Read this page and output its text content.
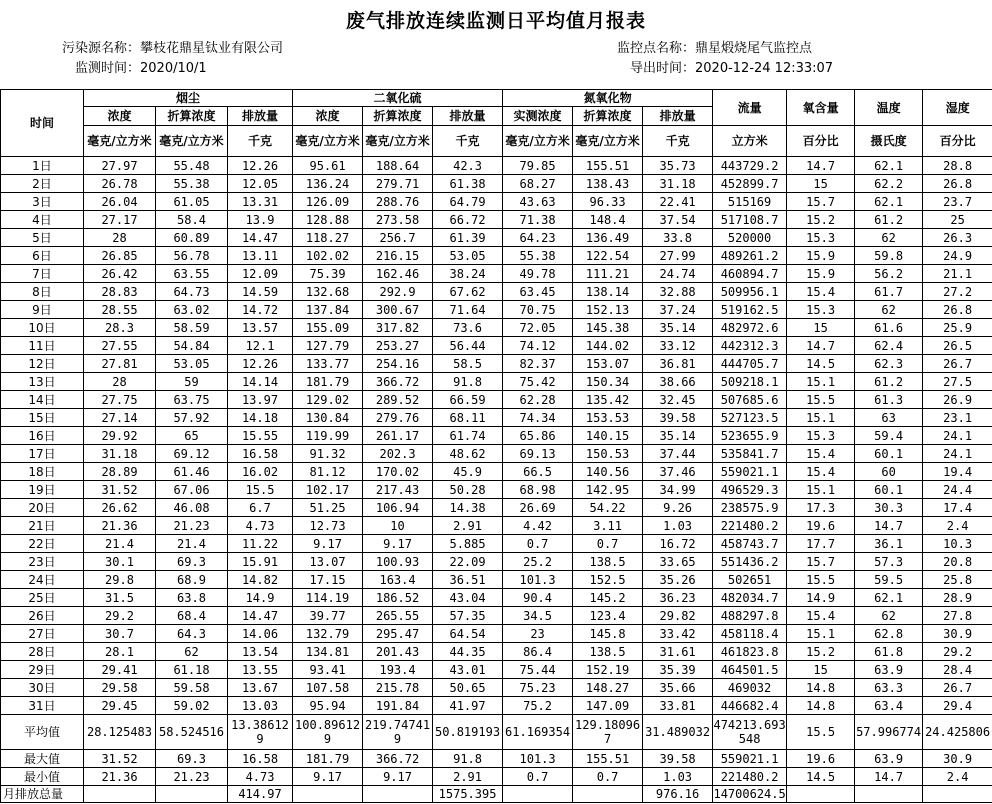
废气排放连续监测日平均值月报表
污染源名称：攀枝花鼎星钛业有限公司
监测时间：2020/10/1
监控点名称：鼎星煅烧尾气监控点
导出时间：2020-12-24 12:33:07
时间	烟尘			二氧化硫			氮氧化物			流量	氧含量	温度	湿度
	浓度	折算浓度	排放量	浓度	折算浓度	排放量	实测浓度	折算浓度	排放量				
	毫克/立方米	毫克/立方米	千克	毫克/立方米	毫克/立方米	千克	毫克/立方米	毫克/立方米	千克	立方米	百分比	摄氏度	百分比
1日	27.97	55.48	12.26	95.61	188.64	42.3	79.85	155.51	35.73	443729.2	14.7	62.1	28.8
2日	26.78	55.38	12.05	136.24	279.71	61.38	68.27	138.43	31.18	452899.7	15	62.2	26.8
3日	26.04	61.05	13.31	126.09	288.76	64.79	43.63	96.33	22.41	515169	15.7	62.1	23.7
4日	27.17	58.4	13.9	128.88	273.58	66.72	71.38	148.4	37.54	517108.7	15.2	61.2	25
5日	28	60.89	14.47	118.27	256.7	61.39	64.23	136.49	33.8	520000	15.3	62	26.3
6日	26.85	56.78	13.11	102.02	216.15	53.05	55.38	122.54	27.99	489261.2	15.9	59.8	24.9
7日	26.42	63.55	12.09	75.39	162.46	38.24	49.78	111.21	24.74	460894.7	15.9	56.2	21.1
8日	28.83	64.73	14.59	132.68	292.9	67.62	63.45	138.14	32.88	509956.1	15.4	61.7	27.2
9日	28.55	63.02	14.72	137.84	300.67	71.64	70.75	152.13	37.24	519162.5	15.3	62	26.8
10日	28.3	58.59	13.57	155.09	317.82	73.6	72.05	145.38	35.14	482972.6	15	61.6	25.9
11日	27.55	54.84	12.1	127.79	253.27	56.44	74.12	144.02	33.12	442312.3	14.7	62.4	26.5
12日	27.81	53.05	12.26	133.77	254.16	58.5	82.37	153.07	36.81	444705.7	14.5	62.3	26.7
13日	28	59	14.14	181.79	366.72	91.8	75.42	150.34	38.66	509218.1	15.1	61.2	27.5
14日	27.75	63.75	13.97	129.02	289.52	66.59	62.28	135.42	32.45	507685.6	15.5	61.3	26.9
15日	27.14	57.92	14.18	130.84	279.76	68.11	74.34	153.53	39.58	527123.5	15.1	63	23.1
16日	29.92	65	15.55	119.99	261.17	61.74	65.86	140.15	35.14	523655.9	15.3	59.4	24.1
17日	31.18	69.12	16.58	91.32	202.3	48.62	69.13	150.53	37.44	535841.7	15.4	60.1	24.1
18日	28.89	61.46	16.02	81.12	170.02	45.9	66.5	140.56	37.46	559021.1	15.4	60	19.4
19日	31.52	67.06	15.5	102.17	217.43	50.28	68.98	142.95	34.99	496529.3	15.1	60.1	24.4
20日	26.62	46.08	6.7	51.25	106.94	14.38	26.69	54.22	9.26	238575.9	17.3	30.3	17.4
21日	21.36	21.23	4.73	12.73	10	2.91	4.42	3.11	1.03	221480.2	19.6	14.7	2.4
22日	21.4	21.4	11.22	9.17	9.17	5.885	0.7	0.7	16.72	458743.7	17.7	36.1	10.3
23日	30.1	69.3	15.91	13.07	100.93	22.09	25.2	138.5	33.65	551436.2	15.7	57.3	20.8
24日	29.8	68.9	14.82	17.15	163.4	36.51	101.3	152.5	35.26	502651	15.5	59.5	25.8
25日	31.5	63.8	14.9	114.19	186.52	43.04	90.4	145.2	36.23	482034.7	14.9	62.1	28.9
26日	29.2	68.4	14.47	39.77	265.55	57.35	34.5	123.4	29.82	488297.8	15.4	62	27.8
27日	30.7	64.3	14.06	132.79	295.47	64.54	23	145.8	33.42	458118.4	15.1	62.8	30.9
28日	28.1	62	13.54	134.81	201.43	44.35	86.4	138.5	31.61	461823.8	15.2	61.8	29.2
29日	29.41	61.18	13.55	93.41	193.4	43.01	75.44	152.19	35.39	464501.5	15	63.9	28.4
30日	29.58	59.58	13.67	107.58	215.78	50.65	75.23	148.27	35.66	469032	14.8	63.3	26.7
31日	29.45	59.02	13.03	95.94	191.84	41.97	75.2	147.09	33.81	446682.4	14.8	63.4	29.4
平均值	28.125483	58.524516	13.386129	100.896129	219.747419	50.819193	61.169354	129.180967	31.489032	474213.693548	15.5	57.996774	24.425806
最大值	31.52	69.3	16.58	181.79	366.72	91.8	101.3	155.51	39.58	559021.1	19.6	63.9	30.9
最小值	21.36	21.23	4.73	9.17	9.17	2.91	0.7	0.7	1.03	221480.2	14.5	14.7	2.4
月排放总量			414.97			1575.395			976.16	14700624.5			
